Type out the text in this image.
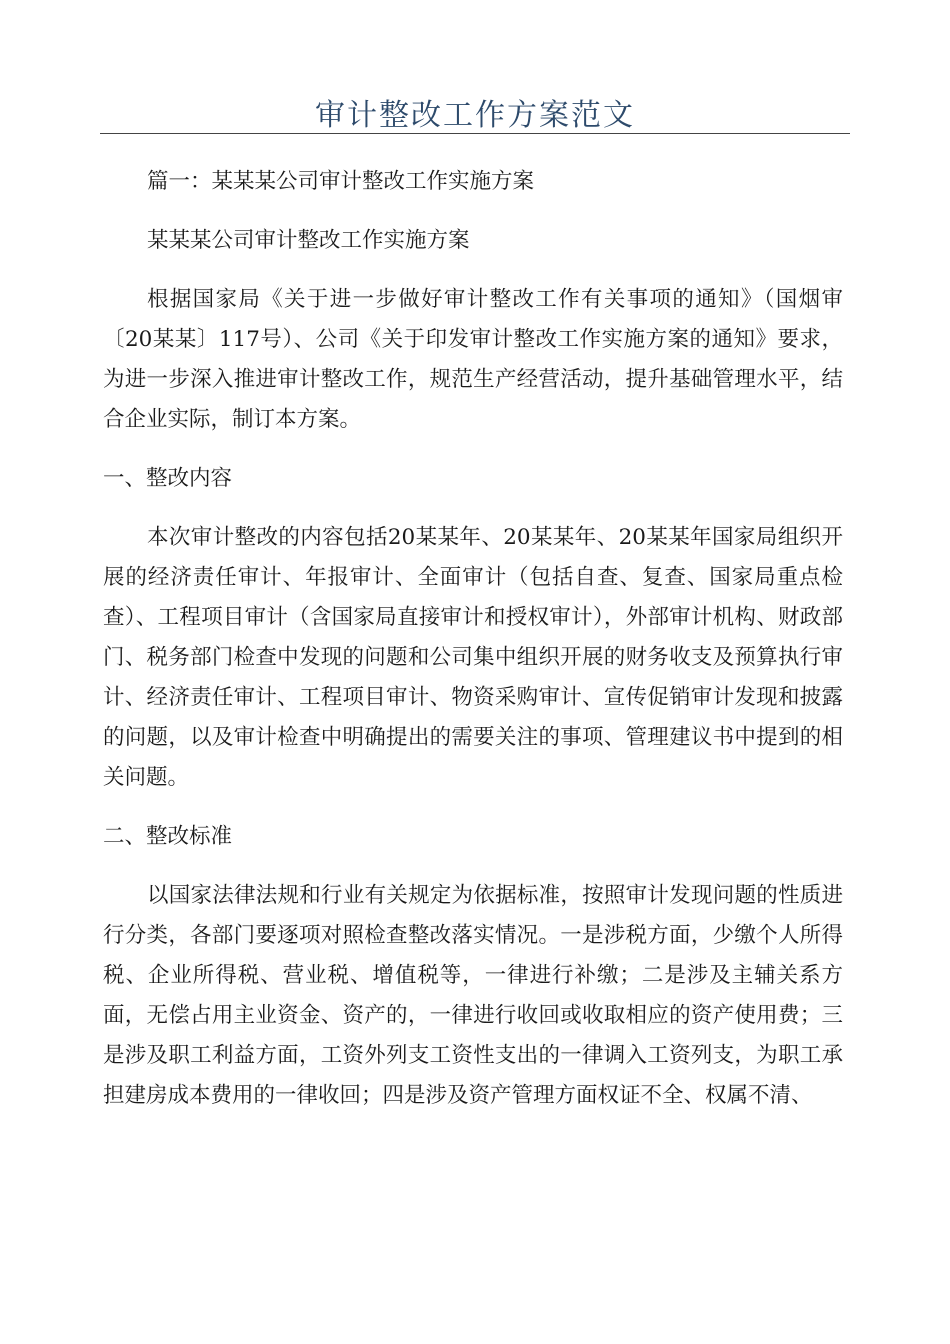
审计整改工作方案范文

篇一：某某某公司审计整改工作实施方案

某某某公司审计整改工作实施方案

根据国家局《关于进一步做好审计整改工作有关事项的通知》（国烟审〔20某某〕117号）、公司《关于印发审计整改工作实施方案的通知》要求，为进一步深入推进审计整改工作，规范生产经营活动，提升基础管理水平，结合企业实际，制订本方案。

一、整改内容

本次审计整改的内容包括20某某年、20某某年、20某某年国家局组织开展的经济责任审计、年报审计、全面审计（包括自查、复查、国家局重点检查）、工程项目审计（含国家局直接审计和授权审计），外部审计机构、财政部门、税务部门检查中发现的问题和公司集中组织开展的财务收支及预算执行审计、经济责任审计、工程项目审计、物资采购审计、宣传促销审计发现和披露的问题，以及审计检查中明确提出的需要关注的事项、管理建议书中提到的相关问题。

二、整改标准

以国家法律法规和行业有关规定为依据标准，按照审计发现问题的性质进行分类，各部门要逐项对照检查整改落实情况。一是涉税方面，少缴个人所得税、企业所得税、营业税、增值税等，一律进行补缴；二是涉及主辅关系方面，无偿占用主业资金、资产的，一律进行收回或收取相应的资产使用费；三是涉及职工利益方面，工资外列支工资性支出的一律调入工资列支，为职工承担建房成本费用的一律收回；四是涉及资产管理方面权证不全、权属不清、
